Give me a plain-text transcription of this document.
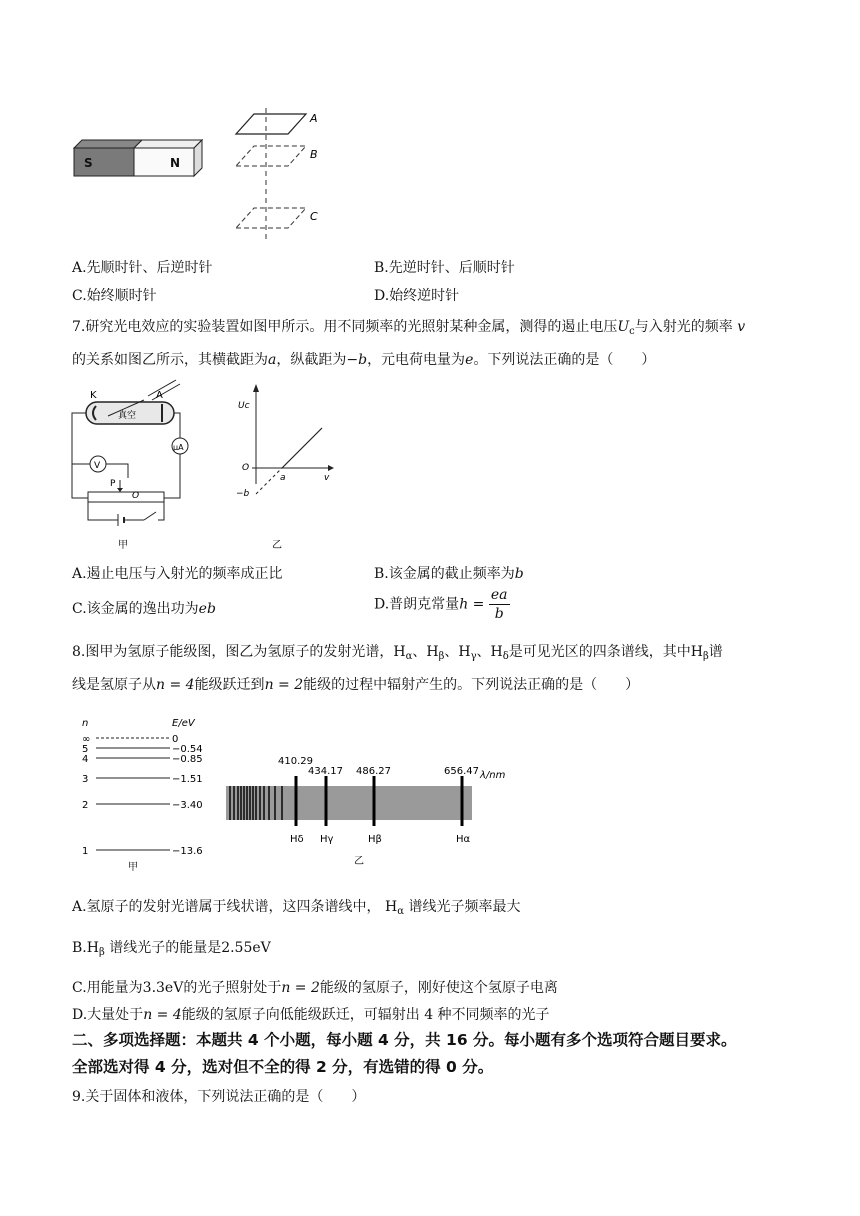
S	N
A
B
C
A.先顺时针、后逆时针	B.先逆时针、后顺时针
C.始终顺时针	D.始终逆时针
7.研究光电效应的实验装置如图甲所示。用不同频率的光照射某种金属，测得的遏止电压$U_c$与入射光的频率 v
的关系如图乙所示，其横截距为a，纵截距为−b，元电荷电量为e。下列说法正确的是（　　）
K	A
真空
μA
V
P
O
甲
Uc
O
a	v
−b
乙
A.遏止电压与入射光的频率成正比	B.该金属的截止频率为b
C.该金属的逸出功为eb	D.普朗克常量$h = \frac{ea}{b}$
8.图甲为氢原子能级图，图乙为氢原子的发射光谱，$H_\alpha$、$H_\beta$、$H_\gamma$、$H_\delta$是可见光区的四条谱线，其中$H_\beta$谱
线是氢原子从n = 4能级跃迁到n = 2能级的过程中辐射产生的。下列说法正确的是（　　）
n	E/eV
∞	0
5	−0.54
4	−0.85
3	−1.51
2	−3.40
1	−13.6
甲
410.29
Hδ
434.17
Hγ
486.27
Hβ
656.47
Hα
λ/nm
乙
A.氢原子的发射光谱属于线状谱，这四条谱线中， $H_\alpha$ 谱线光子频率最大
$B.H_\beta$ 谱线光子的能量是2.55eV
C.用能量为3.3eV的光子照射处于n = 2能级的氢原子，刚好使这个氢原子电离
D.大量处于n = 4能级的氢原子向低能级跃迁，可辐射出 4 种不同频率的光子
二、多项选择题：本题共 4 个小题，每小题 4 分，共 16 分。每小题有多个选项符合题目要求。
全部选对得 4 分，选对但不全的得 2 分，有选错的得 0 分。
9.关于固体和液体，下列说法正确的是（　　）
